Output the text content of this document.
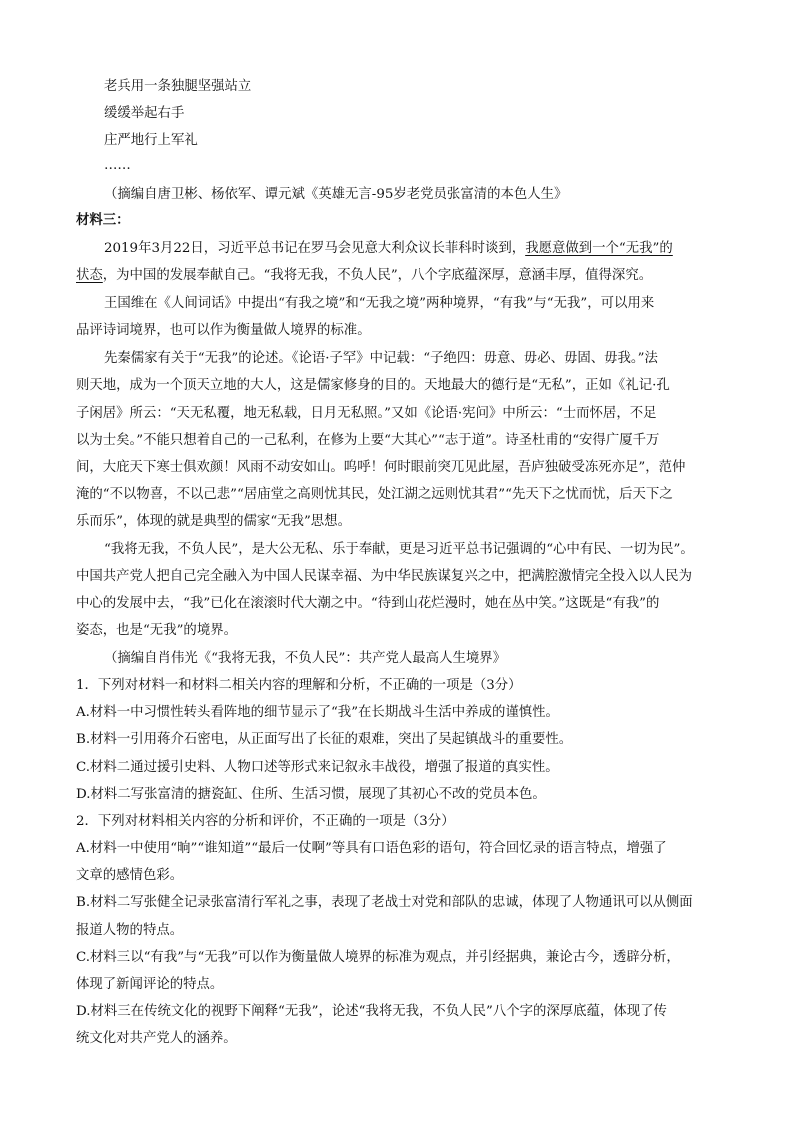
老兵用一条独腿坚强站立

缓缓举起右手

庄严地行上军礼

……

（摘编自唐卫彬、杨依军、谭元斌《英雄无言-95岁老党员张富清的本色人生》

材料三：

2019年3月22日，习近平总书记在罗马会见意大利众议长菲科时谈到，我愿意做到一个“无我”的

状态，为中国的发展奉献自己。“我将无我，不负人民”，八个字底蕴深厚，意涵丰厚，值得深究。

王国维在《人间词话》中提出“有我之境”和“无我之境”两种境界，“有我”与“无我”，可以用来

品评诗词境界，也可以作为衡量做人境界的标准。

先秦儒家有关于“无我”的论述。《论语·子罕》中记载：“子绝四：毋意、毋必、毋固、毋我。”法

则天地，成为一个顶天立地的大人，这是儒家修身的目的。天地最大的德行是“无私”，正如《礼记·孔

子闲居》所云：“天无私覆，地无私载，日月无私照。”又如《论语·宪问》中所云：“士而怀居，不足

以为士矣。”不能只想着自己的一己私利，在修为上要“大其心”“志于道”。诗圣杜甫的“安得广厦千万

间，大庇天下寒士俱欢颜！风雨不动安如山。呜呼！何时眼前突兀见此屋，吾庐独破受冻死亦足”，范仲

淹的“不以物喜，不以己悲”“居庙堂之高则忧其民，处江湖之远则忧其君”“先天下之忧而忧，后天下之

乐而乐”，体现的就是典型的儒家“无我”思想。

“我将无我，不负人民”，是大公无私、乐于奉献，更是习近平总书记强调的“心中有民、一切为民”。

中国共产党人把自己完全融入为中国人民谋幸福、为中华民族谋复兴之中，把满腔激情完全投入以人民为

中心的发展中去，“我”已化在滚滚时代大潮之中。“待到山花烂漫时，她在丛中笑。”这既是“有我”的

姿态，也是“无我”的境界。

（摘编自肖伟光《“我将无我，不负人民”：共产党人最高人生境界》

1．下列对材料一和材料二相关内容的理解和分析，不正确的一项是（3分）

A.材料一中习惯性转头看阵地的细节显示了“我”在长期战斗生活中养成的谨慎性。

B.材料一引用蒋介石密电，从正面写出了长征的艰难，突出了吴起镇战斗的重要性。

C.材料二通过援引史料、人物口述等形式来记叙永丰战役，增强了报道的真实性。

D.材料二写张富清的搪瓷缸、住所、生活习惯，展现了其初心不改的党员本色。

2．下列对材料相关内容的分析和评价，不正确的一项是（3分）

A.材料一中使用“晌”“谁知道”“最后一仗啊”等具有口语色彩的语句，符合回忆录的语言特点，增强了

文章的感情色彩。

B.材料二写张健全记录张富清行军礼之事，表现了老战士对党和部队的忠诚，体现了人物通讯可以从侧面

报道人物的特点。

C.材料三以“有我”与“无我”可以作为衡量做人境界的标准为观点，并引经据典，兼论古今，透辟分析，

体现了新闻评论的特点。

D.材料三在传统文化的视野下阐释“无我”，论述“我将无我，不负人民”八个字的深厚底蕴，体现了传

统文化对共产党人的涵养。
